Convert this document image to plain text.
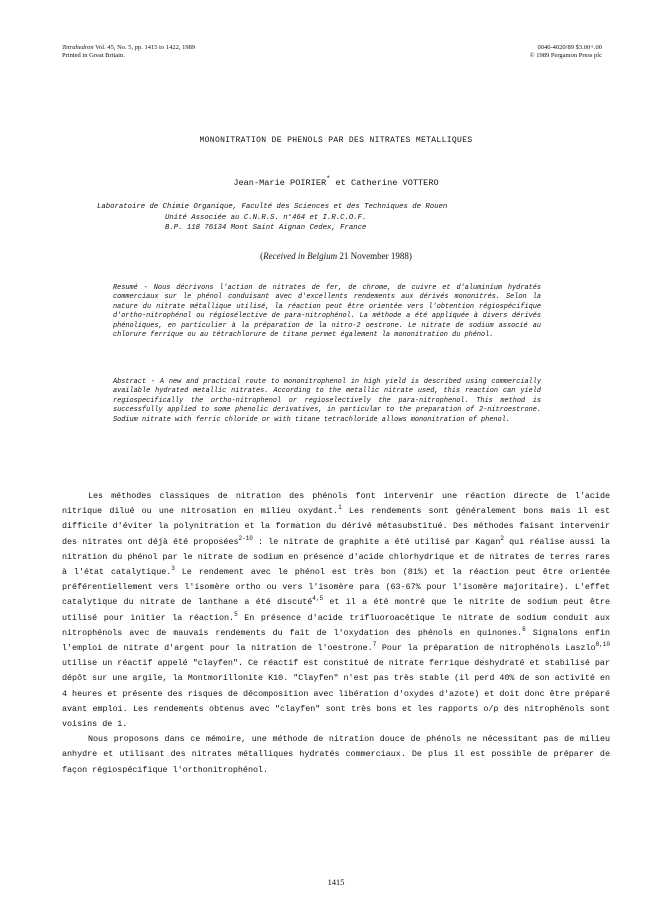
Tetrahedron Vol. 45, No. 5, pp. 1415 to 1422, 1989
Printed in Great Britain.
0040-4020/89 $3.00+.00
© 1989 Pergamon Press plc
MONONITRATION DE PHENOLS PAR DES NITRATES METALLIQUES
Jean-Marie POIRIER* et Catherine VOTTERO
Laboratoire de Chimie Organique, Faculté des Sciences et des Techniques de Rouen

Unité Associée au C.N.R.S. n°464 et I.R.C.O.F.
B.P. 118 76134 Mont Saint Aignan Cedex, France
(Received in Belgium 21 November 1988)
Resumé - Nous décrivons l'action de nitrates de fer, de chrome, de cuivre et d'aluminium hydratés commerciaux sur le phénol conduisant avec d'excellents rendements aux dérivés mononitrés. Selon la nature du nitrate métallique utilisé, la réaction peut être orientée vers l'obtention régiospécifique d'ortho-nitrophénol ou régiosélective de para-nitrophénol. La méthode a été appliquée à divers dérivés phénoliques, en particulier à la préparation de la nitro-2 oestrone. Le nitrate de sodium associé au chlorure ferrique ou au tétrachlorure de titane permet également la mononitration du phénol.
Abstract - A new and practical route to mononitrophenol in high yield is described using commercially available hydrated metallic nitrates. According to the metallic nitrate used, this reaction can yield regiospecifically the ortho-nitrophenol or regioselectively the para-nitrophenol. This method is successfully applied to some phenolic derivatives, in particular to the preparation of 2-nitroestrone. Sodium nitrate with ferric chloride or with titane tetrachloride allows mononitration of phenol.

Les méthodes classiques de nitration des phénols font intervenir une réaction directe de l'acide nitrique dilué ou une nitrosation en milieu oxydant.$^1$ Les rendements sont généralement bons mais il est difficile d'éviter la polynitration et la formation du dérivé métasubstitué. Des méthodes faisant intervenir des nitrates ont déjà été proposées$^{2-10}$ : le nitrate de graphite a été utilisé par Kagan$^2$ qui réalise aussi la nitration du phénol par le nitrate de sodium en présence d'acide chlorhydrique et de nitrates de terres rares à l'état catalytique.$^3$ Le rendement avec le phénol est très bon (81%) et la réaction peut être orientée préférentiellement vers l'isomère ortho ou vers l'isomère para (63-67% pour l'isomère majoritaire). L'effet catalytique du nitrate de lanthane a été discuté$^{4,5}$ et il a été montré que le nitrite de sodium peut être utilisé pour initier la réaction.$^5$ En présence d'acide trifluoroacétique le nitrate de sodium conduit aux nitrophénols avec de mauvais rendements du fait de l'oxydation des phénols en quinones.$^6$ Signalons enfin l'emploi de nitrate d'argent pour la nitration de l'oestrone.$^7$ Pour la préparation de nitrophénols Laszlo$^{8,10}$ utilise un réactif appelé "clayfen". Ce réactif est constitué de nitrate ferrique deshydraté et stabilisé par dépôt sur une argile, la Montmorillonite K10. "Clayfen" n'est pas très stable (il perd 40% de son activité en 4 heures et présente des risques de décomposition avec libération d'oxydes d'azote) et doit donc être préparé avant emploi. Les rendements obtenus avec "clayfen" sont très bons et les rapports o/p des nitrophénols sont voisins de 1.

Nous proposons dans ce mémoire, une méthode de nitration douce de phénols ne nécessitant pas de milieu anhydre et utilisant des nitrates métalliques hydratés commerciaux. De plus il est possible de préparer de façon régiospécifique l'orthonitrophénol.

1415
